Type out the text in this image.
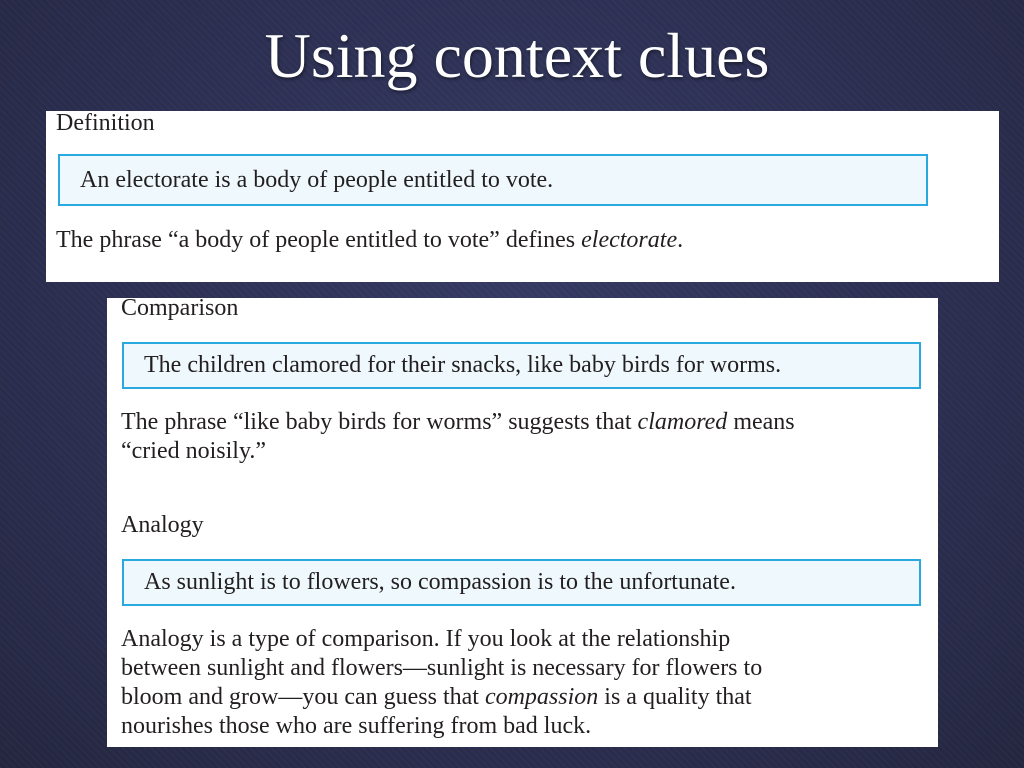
Using context clues
Definition
An electorate is a body of people entitled to vote.
The phrase “a body of people entitled to vote” defines electorate.
Comparison
The children clamored for their snacks, like baby birds for worms.
The phrase “like baby birds for worms” suggests that clamored means
“cried noisily.”
Analogy
As sunlight is to flowers, so compassion is to the unfortunate.
Analogy is a type of comparison. If you look at the relationship
between sunlight and flowers—sunlight is necessary for flowers to
bloom and grow—you can guess that compassion is a quality that
nourishes those who are suffering from bad luck.
